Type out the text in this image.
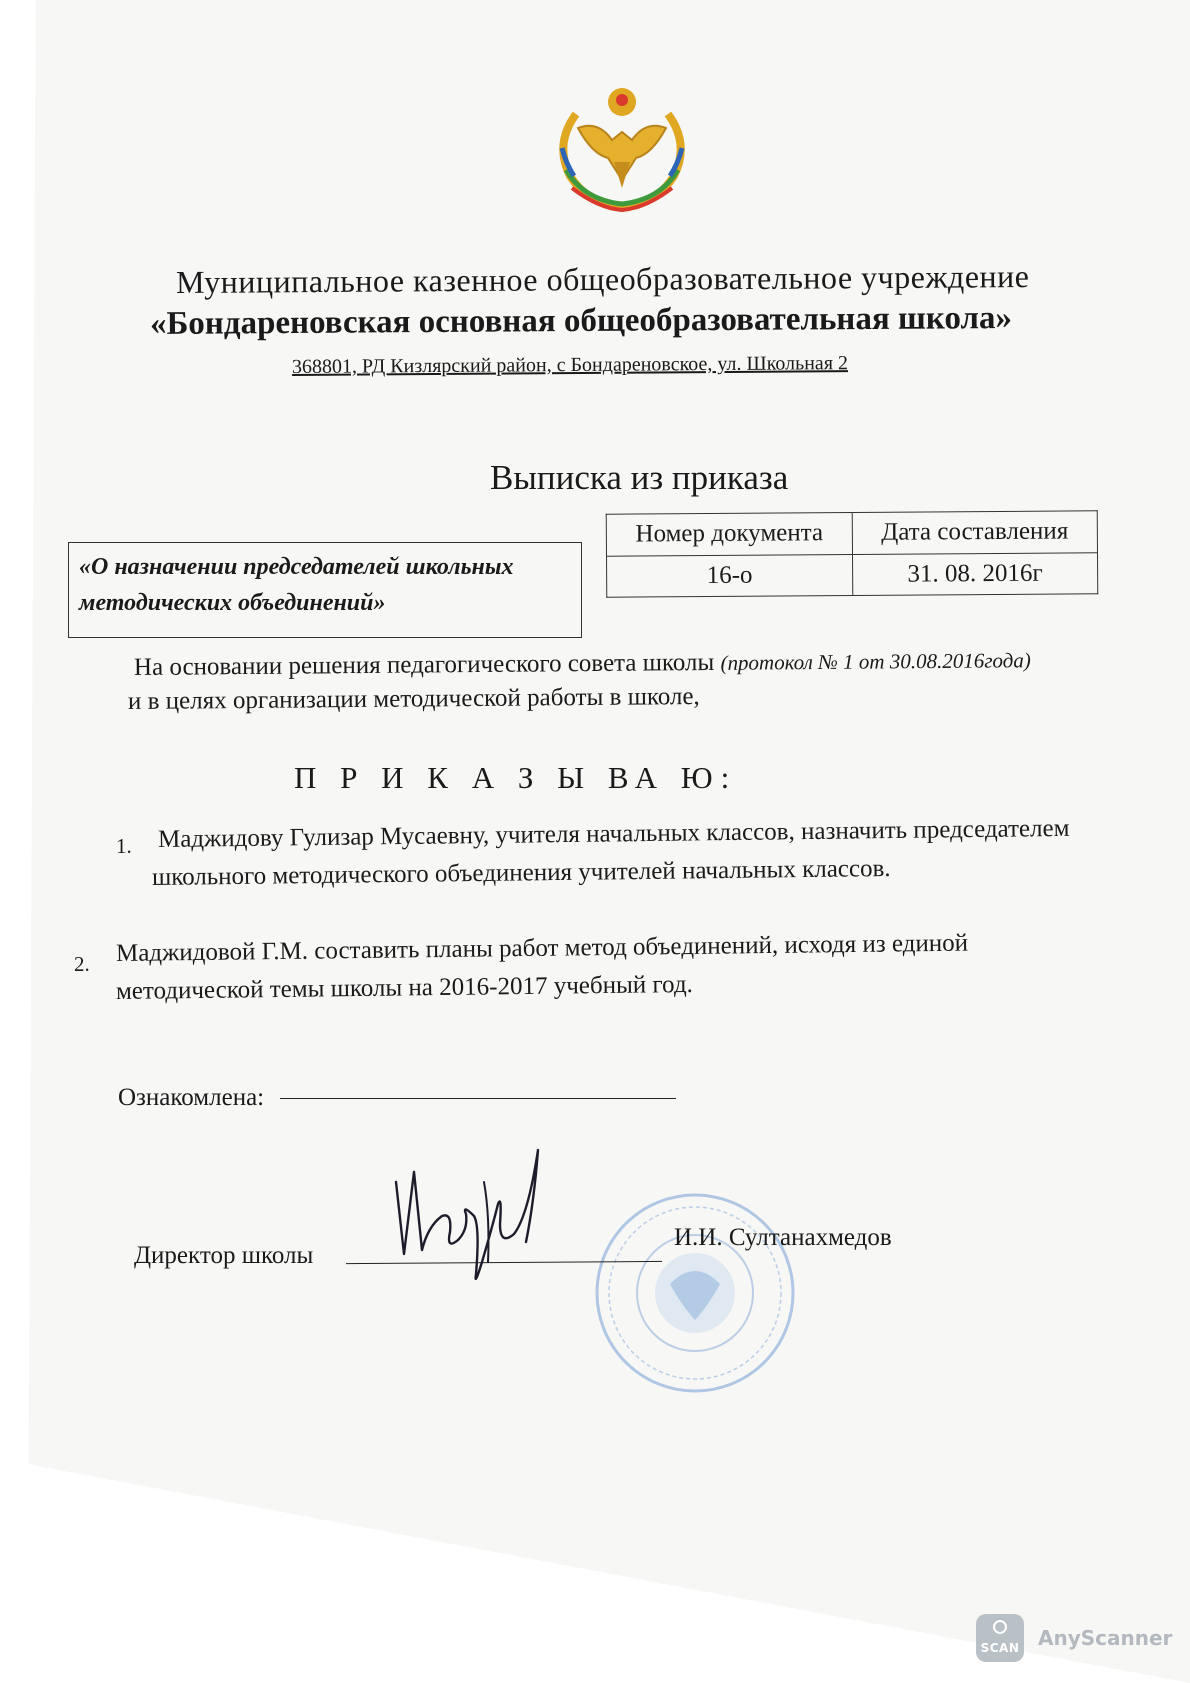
Муниципальное казенное общеобразовательное учреждение
«Бондареновская основная общеобразовательная школа»
368801, РД Кизлярский район, с Бондареновское, ул. Школьная 2
Выписка из приказа
«О назначении председателей школьных
методических объединений»
Номер документа	Дата составления
16-о	31. 08. 2016г
На основании решения педагогического совета школы (протокол № 1 от 30.08.2016года)
и в целях организации методической работы в школе,
П Р И К А З Ы ВА Ю:
1. Маджидову Гулизар Мусаевну, учителя начальных классов, назначить председателем
школьного методического объединения учителей начальных классов.
2. Маджидовой Г.М. составить планы работ метод объединений, исходя из единой
методической темы школы на 2016-2017 учебный год.
Ознакомлена:
Директор школы
И.И. Султанахмедов
SCAN AnyScanner
